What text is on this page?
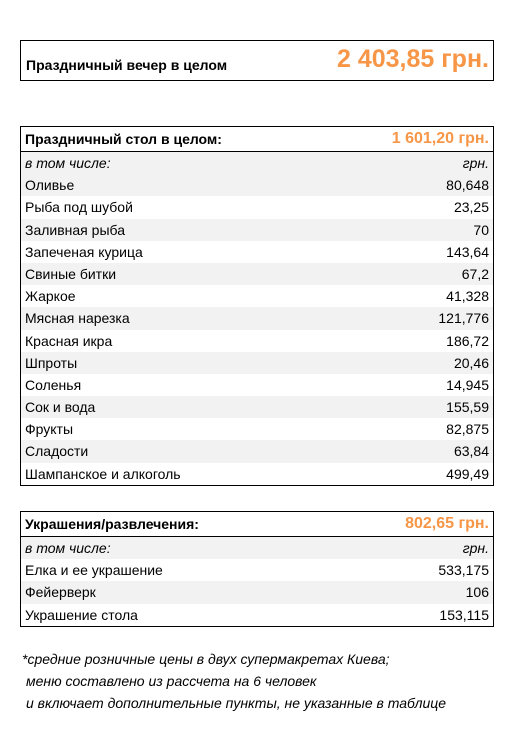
Праздничный вечер в целом	2 403,85 грн.
Праздничный стол в целом:	1 601,20 грн.
в том числе:	грн.
Оливье	80,648
Рыба под шубой	23,25
Заливная рыба	70
Запеченая курица	143,64
Свиные битки	67,2
Жаркое	41,328
Мясная нарезка	121,776
Красная икра	186,72
Шпроты	20,46
Соленья	14,945
Сок и вода	155,59
Фрукты	82,875
Сладости	63,84
Шампанское и алкоголь	499,49
Украшения/развлечения:	802,65 грн.
в том числе:	грн.
Елка и ее украшение	533,175
Фейерверк	106
Украшение стола	153,115
*средние розничные цены в двух супермакретах Киева;
меню составлено из рассчета на 6 человек
и включает дополнительные пункты, не указанные в таблице
